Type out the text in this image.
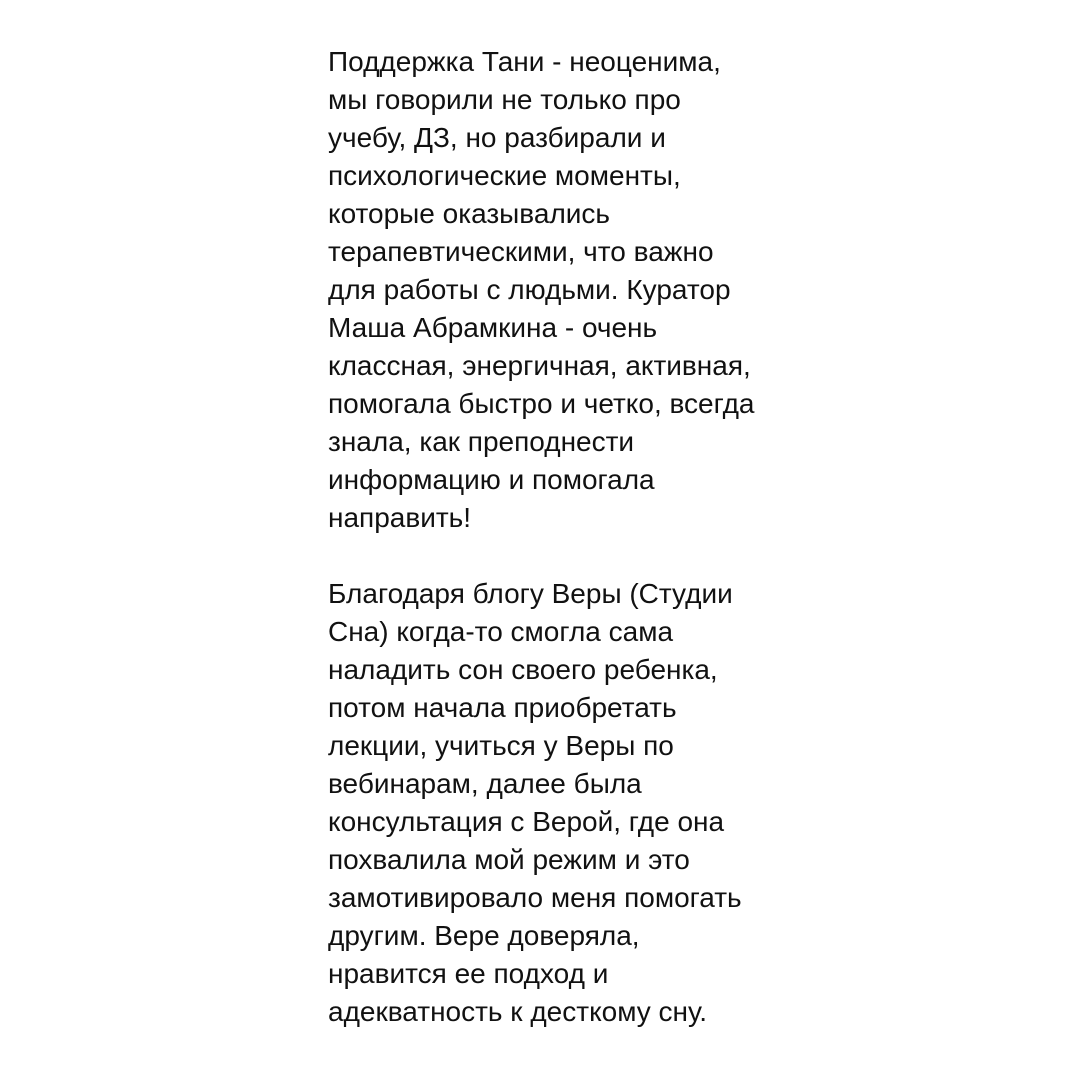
Поддержка Тани - неоценима,
мы говорили не только про
учебу, ДЗ, но разбирали и
психологические моменты,
которые оказывались
терапевтическими, что важно
для работы с людьми. Куратор
Маша Абрамкина - очень
классная, энергичная, активная,
помогала быстро и четко, всегда
знала, как преподнести
информацию и помогала
направить!

Благодаря блогу Веры (Студии
Сна) когда-то смогла сама
наладить сон своего ребенка,
потом начала приобретать
лекции, учиться у Веры по
вебинарам, далее была
консультация с Верой, где она
похвалила мой режим и это
замотивировало меня помогать
другим. Вере доверяла,
нравится ее подход и
адекватность к десткому сну.
